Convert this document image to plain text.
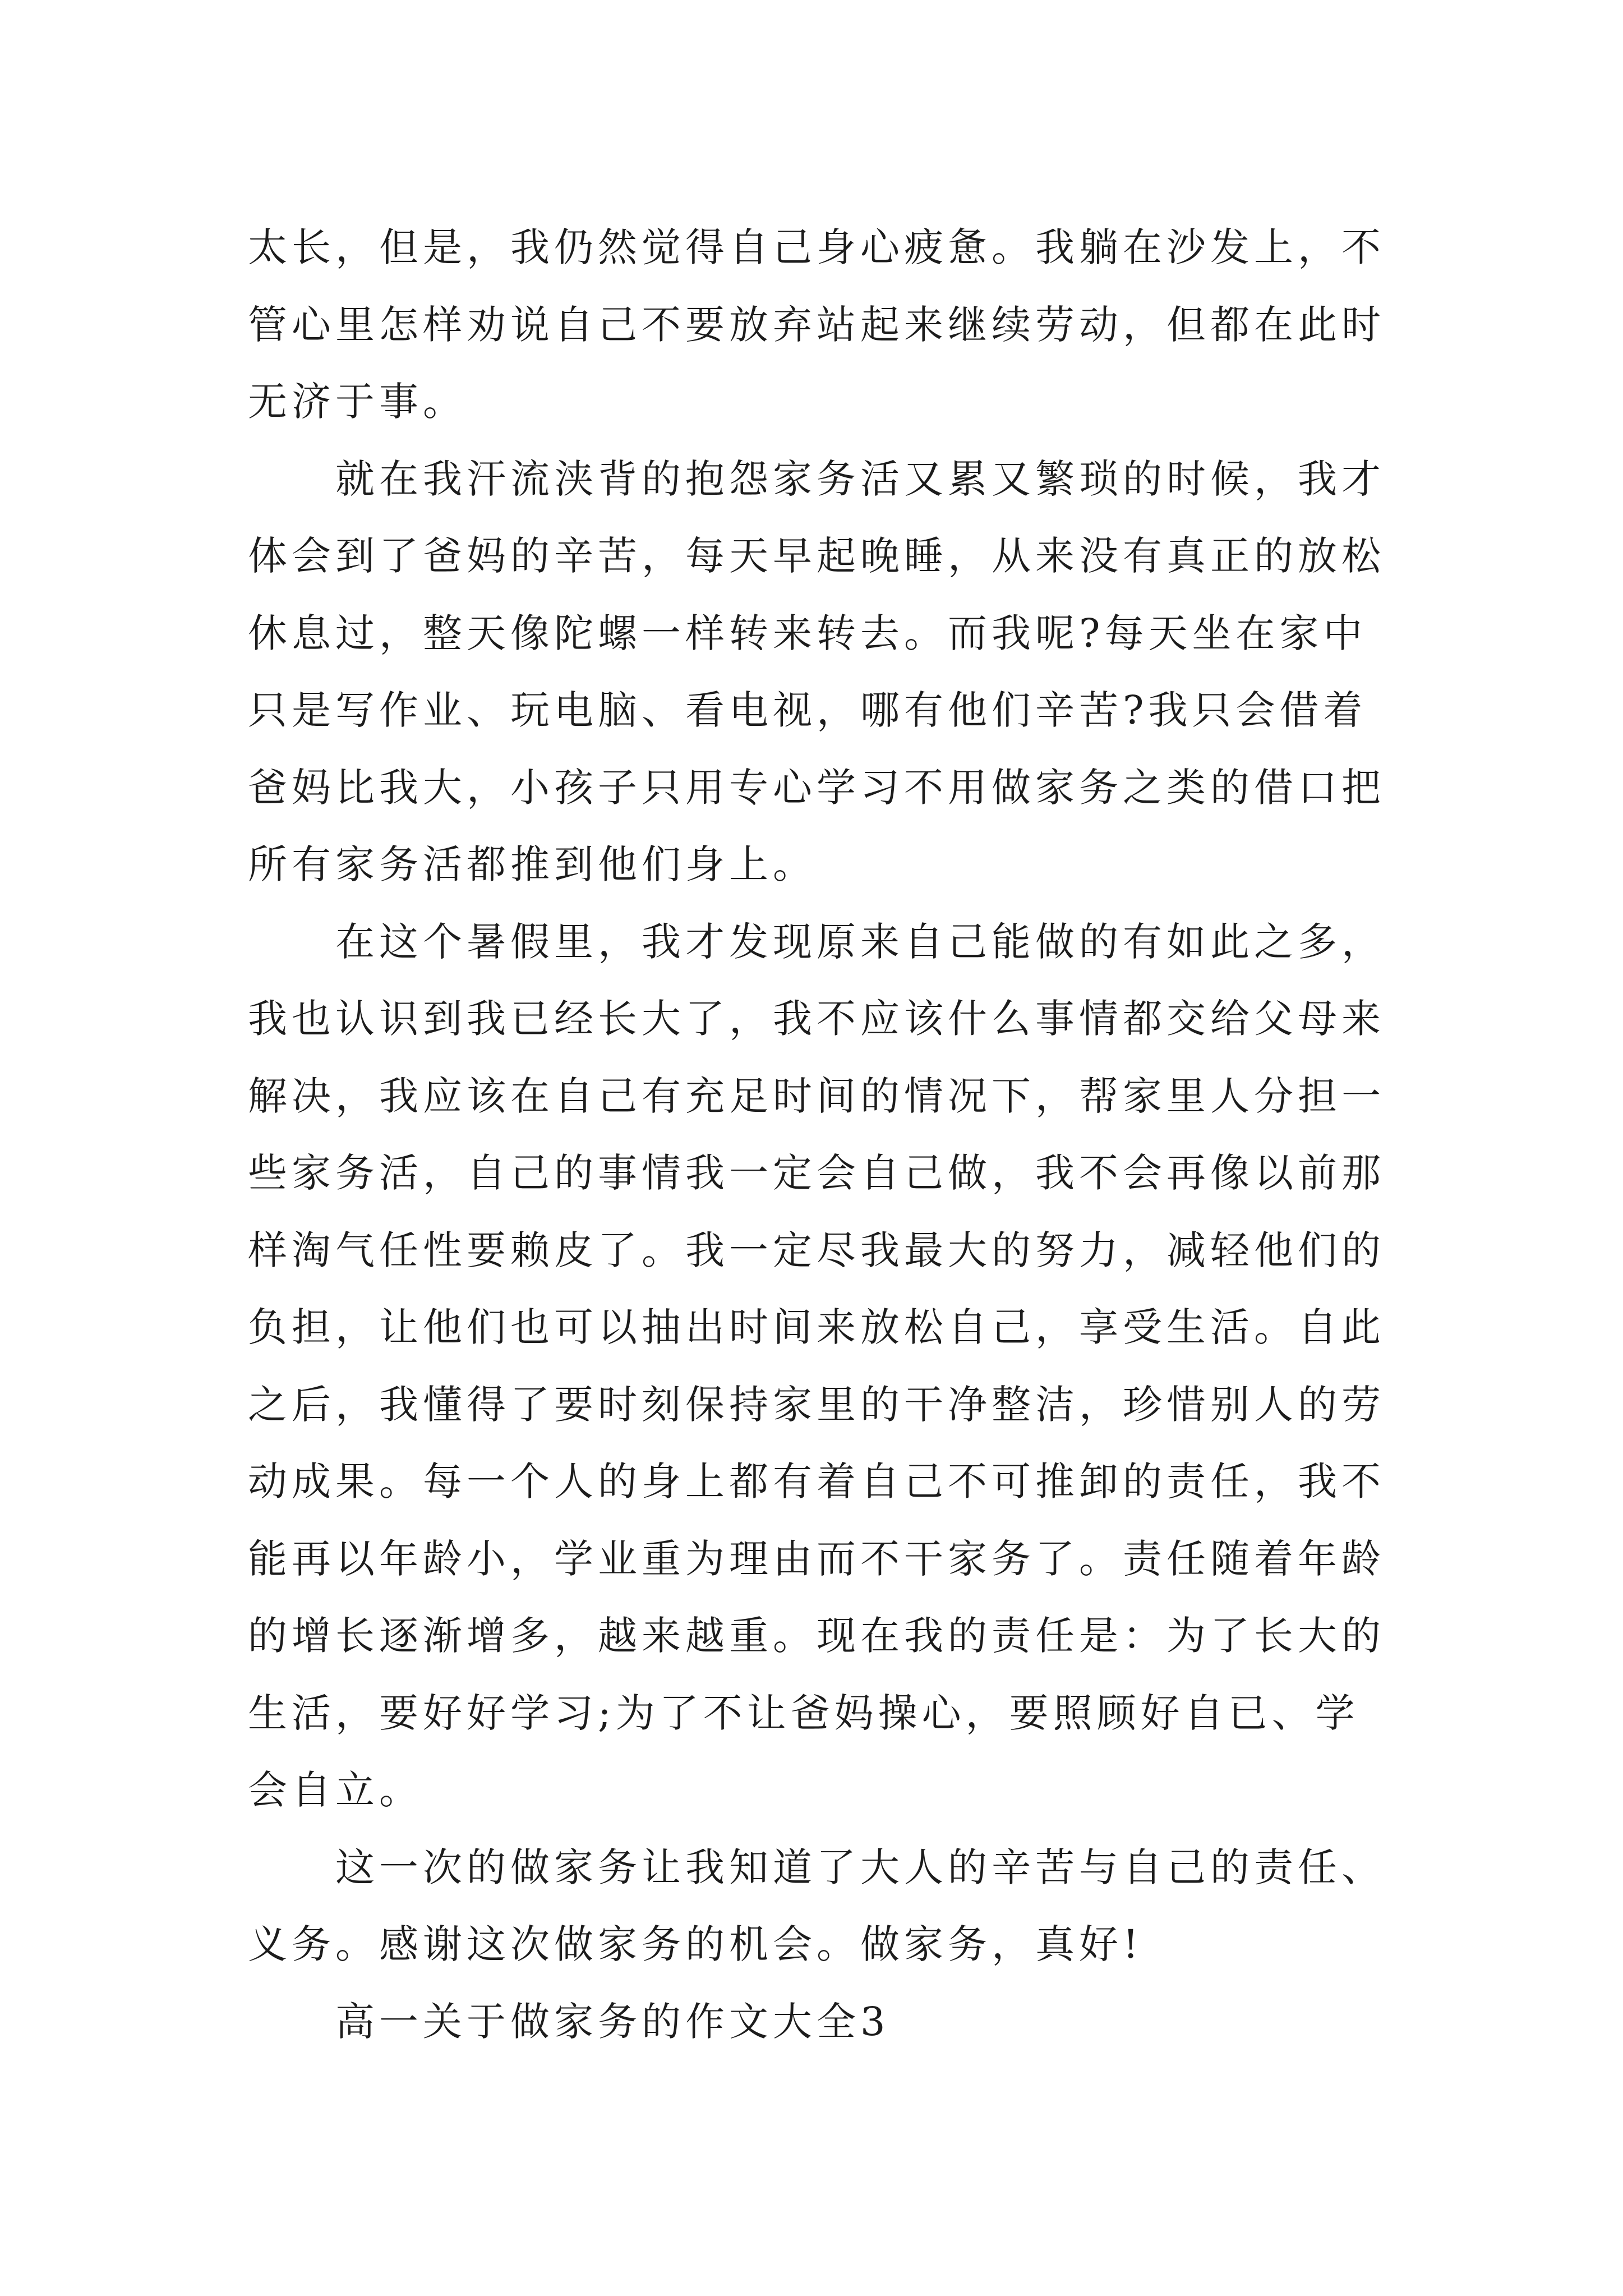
太长，但是，我仍然觉得自己身心疲惫。我躺在沙发上，不
管心里怎样劝说自己不要放弃站起来继续劳动，但都在此时
无济于事。
就在我汗流浃背的抱怨家务活又累又繁琐的时候，我才
体会到了爸妈的辛苦，每天早起晚睡，从来没有真正的放松
休息过，整天像陀螺一样转来转去。而我呢?每天坐在家中
只是写作业、玩电脑、看电视，哪有他们辛苦?我只会借着
爸妈比我大，小孩子只用专心学习不用做家务之类的借口把
所有家务活都推到他们身上。
在这个暑假里，我才发现原来自己能做的有如此之多，
我也认识到我已经长大了，我不应该什么事情都交给父母来
解决，我应该在自己有充足时间的情况下，帮家里人分担一
些家务活，自己的事情我一定会自己做，我不会再像以前那
样淘气任性要赖皮了。我一定尽我最大的努力，减轻他们的
负担，让他们也可以抽出时间来放松自己，享受生活。自此
之后，我懂得了要时刻保持家里的干净整洁，珍惜别人的劳
动成果。每一个人的身上都有着自己不可推卸的责任，我不
能再以年龄小，学业重为理由而不干家务了。责任随着年龄
的增长逐渐增多，越来越重。现在我的责任是：为了长大的
生活，要好好学习;为了不让爸妈操心，要照顾好自已、学
会自立。
这一次的做家务让我知道了大人的辛苦与自己的责任、
义务。感谢这次做家务的机会。做家务，真好!
高一关于做家务的作文大全3
